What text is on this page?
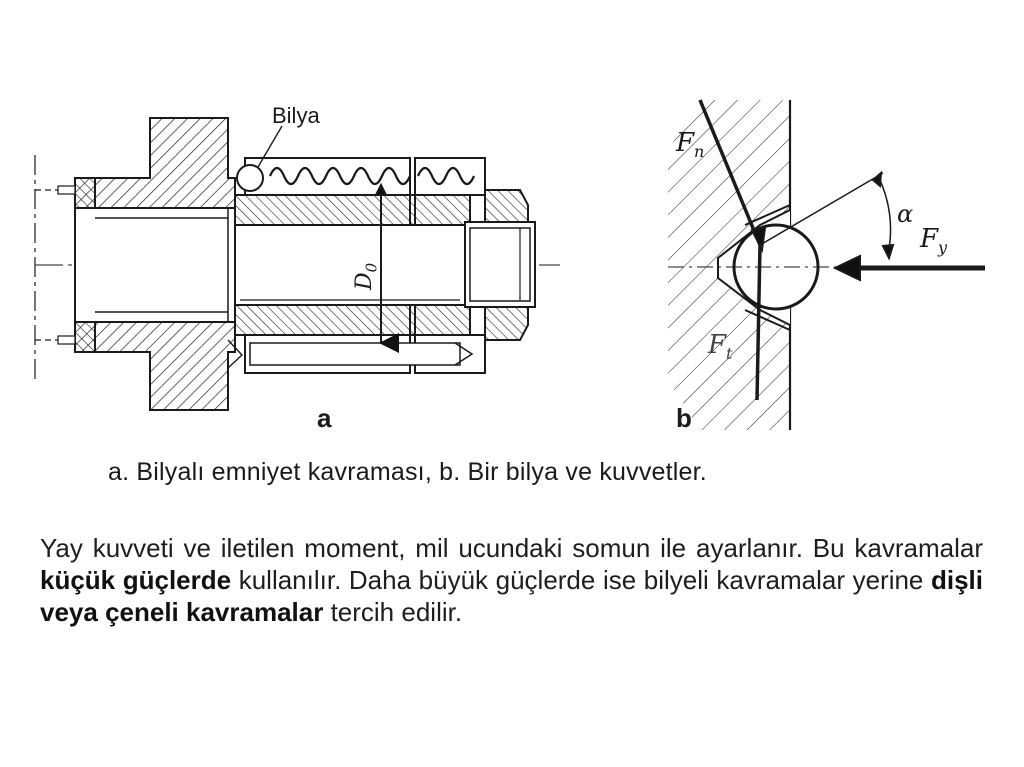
Bilya
$D_0$
a	b
$F_n$
α
$F_y$
$F_t$
a. Bilyalı emniyet kavraması, b. Bir bilya ve kuvvetler.

Yay kuvveti ve iletilen moment, mil ucundaki somun ile ayarlanır. Bu kavramalar küçük güçlerde kullanılır. Daha büyük güçlerde ise bilyeli kavramalar yerine dişli veya çeneli kavramalar tercih edilir.
